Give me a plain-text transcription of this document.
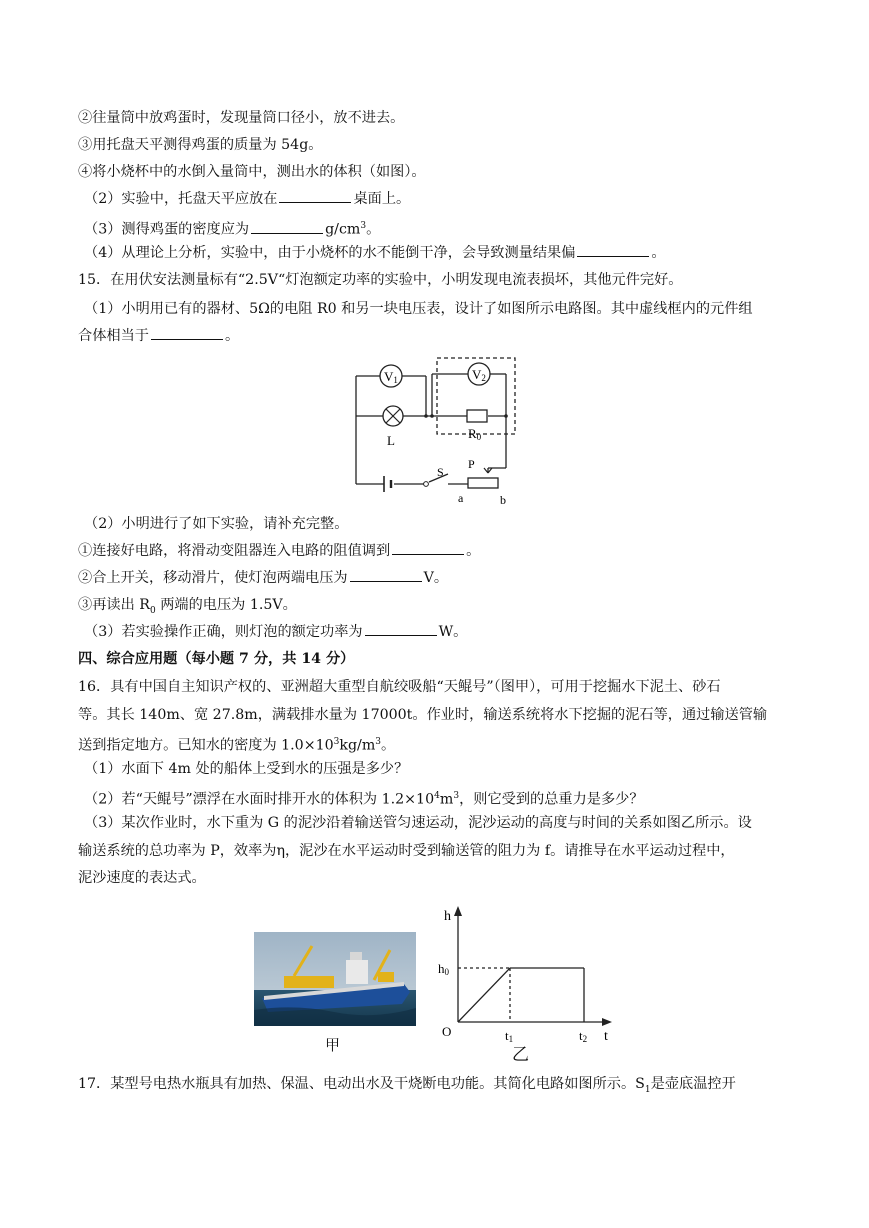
②往量筒中放鸡蛋时，发现量筒口径小，放不进去。
③用托盘天平测得鸡蛋的质量为 54g。
④将小烧杯中的水倒入量筒中，测出水的体积（如图）。
（2）实验中，托盘天平应放在	桌面上。
（3）测得鸡蛋的密度应为	$g/cm^3$。
（4）从理论上分析，实验中，由于小烧杯的水不能倒干净，会导致测量结果偏	。
15．在用伏安法测量标有“2.5V“灯泡额定功率的实验中，小明发现电流表损坏，其他元件完好。
（1）小明用已有的器材、5Ω的电阻 R0 和另一块电压表，设计了如图所示电路图。其中虚线框内的元件组
合体相当于	。
V1	V2
L	R0
S
P
a	b
（2）小明进行了如下实验，请补充完整。
①连接好电路，将滑动变阻器连入电路的阻值调到	。
②合上开关，移动滑片，使灯泡两端电压为	V。
③再读出 $R_0$ 两端的电压为 1.5V。
（3）若实验操作正确，则灯泡的额定功率为	W。
四、综合应用题（每小题 7 分，共 14 分）
16．具有中国自主知识产权的、亚洲超大重型自航绞吸船“天鲲号”（图甲），可用于挖掘水下泥土、砂石
等。其长 140m、宽 27.8m，满载排水量为 17000t。作业时，输送系统将水下挖掘的泥石等，通过输送管输
送到指定地方。已知水的密度为 $1.0\times 10^3kg/m^3$。
（1）水面下 4m 处的船体上受到水的压强是多少？
（2）若“天鲲号”漂浮在水面时排开水的体积为 $1.2\times 10^4m^3$，则它受到的总重力是多少？
（3）某次作业时，水下重为 G 的泥沙沿着输送管匀速运动，泥沙运动的高度与时间的关系如图乙所示。设
输送系统的总功率为 P，效率为η，泥沙在水平运动时受到输送管的阻力为 f。请推导在水平运动过程中，
泥沙速度的表达式。
甲
h
t
h0
O	t1	t2
乙
17．某型号电热水瓶具有加热、保温、电动出水及干烧断电功能。其简化电路如图所示。$S_1$是壶底温控开
